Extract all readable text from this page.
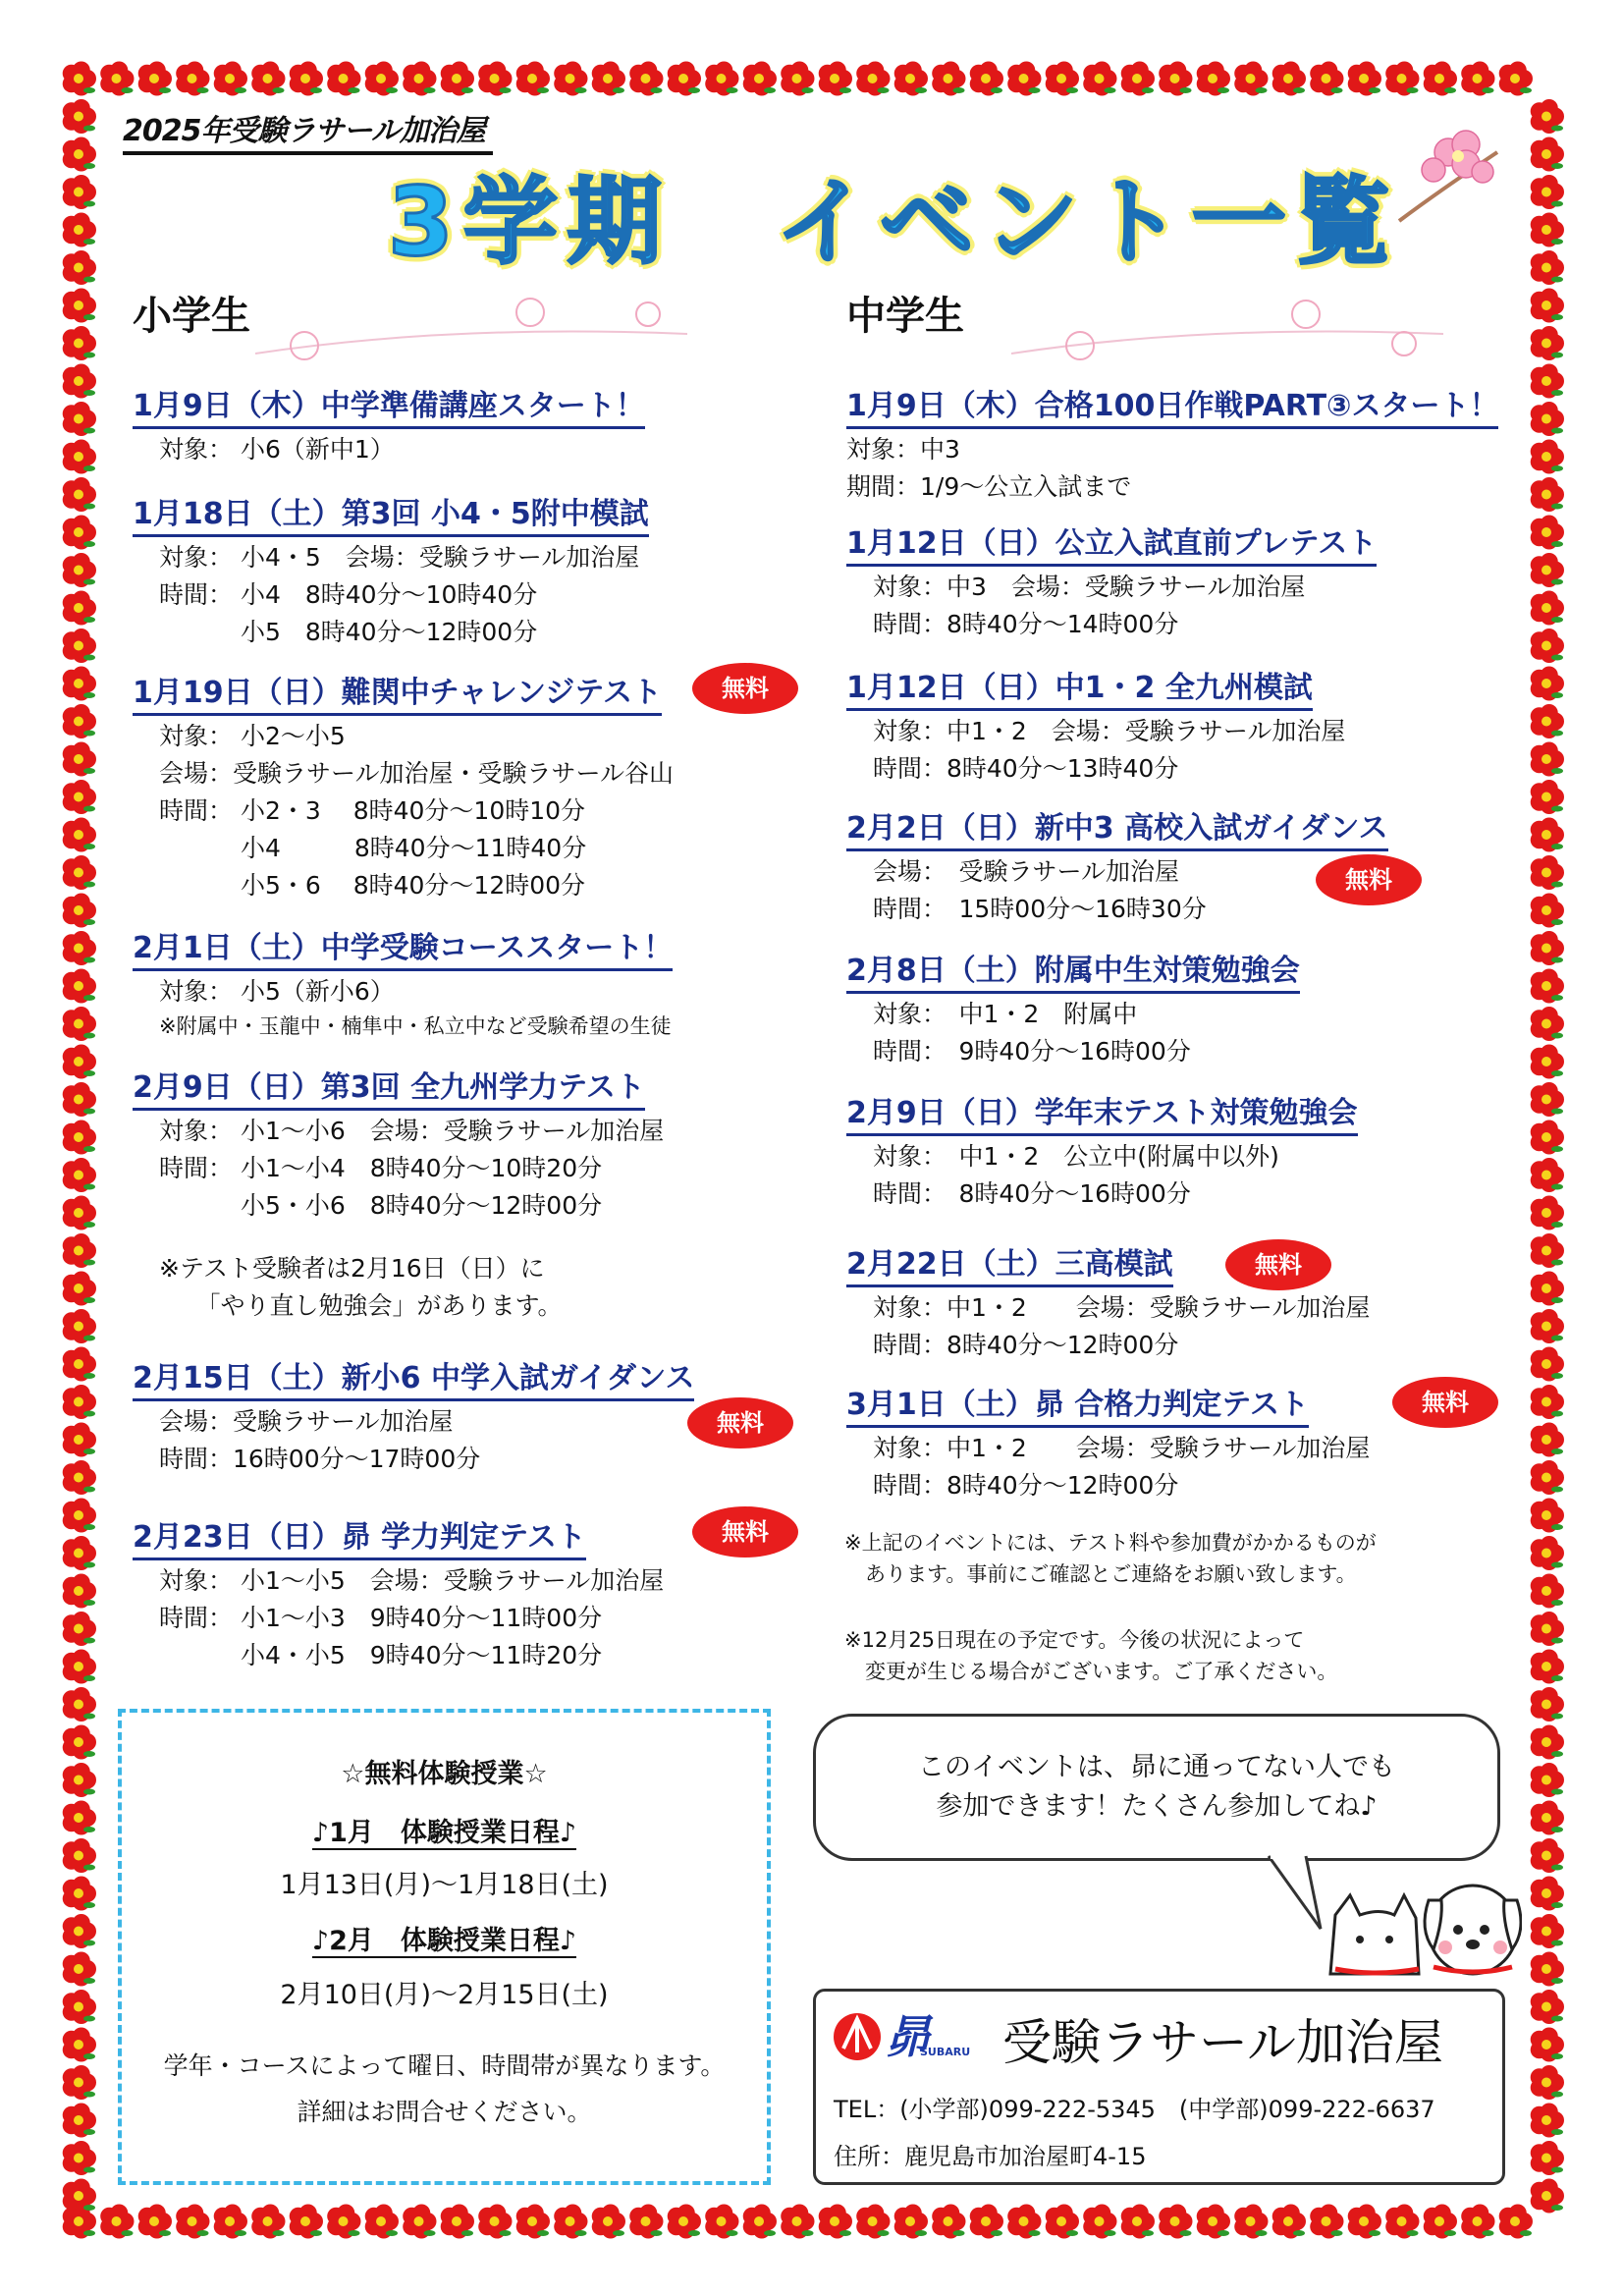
2025年受験ラサール加治屋
3学期　イベント一覧
小学生	中学生
1月9日（木）中学準備講座スタート！
対象： 小6（新中1）
1月18日（土）第3回 小4・5附中模試
対象： 小4・5　会場：受験ラサール加治屋
時間： 小4　8時40分～10時40分
　　　 小5　8時40分～12時00分
1月19日（日）難関中チャレンジテスト
対象： 小2～小5
会場：受験ラサール加治屋・受験ラサール谷山
時間： 小2・3　 8時40分～10時10分
　　　 小4　　　8時40分～11時40分
　　　 小5・6　 8時40分～12時00分
無料
2月1日（土）中学受験コーススタート！
対象： 小5（新小6）
※附属中・玉龍中・楠隼中・私立中など受験希望の生徒
2月9日（日）第3回 全九州学力テスト
対象： 小1～小6　会場：受験ラサール加治屋
時間： 小1～小4　8時40分～10時20分
　　　 小5・小6　8時40分～12時00分
※テスト受験者は2月16日（日）に
　　「やり直し勉強会」があります。
2月15日（土）新小6 中学入試ガイダンス
会場：受験ラサール加治屋
時間：16時00分～17時00分
無料
2月23日（日）昴 学力判定テスト
対象： 小1～小5　会場：受験ラサール加治屋
時間： 小1～小3　9時40分～11時00分
　　　 小4・小5　9時40分～11時20分
無料
1月9日（木）合格100日作戦PART③スタート！
対象：中3
期間：1/9～公立入試まで
1月12日（日）公立入試直前プレテスト
対象：中3　会場：受験ラサール加治屋
時間：8時40分～14時00分
1月12日（日）中1・2 全九州模試
対象：中1・2　会場：受験ラサール加治屋
時間：8時40分～13時40分
2月2日（日）新中3 高校入試ガイダンス
会場：　受験ラサール加治屋
時間：　15時00分～16時30分
無料
2月8日（土）附属中生対策勉強会
対象：　中1・2　附属中
時間：　9時40分～16時00分
2月9日（日）学年末テスト対策勉強会
対象：　中1・2　公立中(附属中以外)
時間：　8時40分～16時00分
2月22日（土）三高模試
対象：中1・2　　会場：受験ラサール加治屋
時間：8時40分～12時00分
無料
3月1日（土）昴 合格力判定テスト
対象：中1・2　　会場：受験ラサール加治屋
時間：8時40分～12時00分
無料
※上記のイベントには、テスト料や参加費がかかるものが
　あります。事前にご確認とご連絡をお願い致します。
※12月25日現在の予定です。今後の状況によって
　変更が生じる場合がございます。ご了承ください。
☆無料体験授業☆
♪1月　体験授業日程♪
1月13日(月)～1月18日(土)
♪2月　体験授業日程♪
2月10日(月)～2月15日(土)
学年・コースによって曜日、時間帯が異なります。
詳細はお問合せください。
このイベントは、昴に通ってない人でも
参加できます！たくさん参加してね♪
昴
SUBARU 受験ラサール加治屋
TEL：(小学部)099-222-5345　(中学部)099-222-6637
住所：鹿児島市加治屋町4-15
